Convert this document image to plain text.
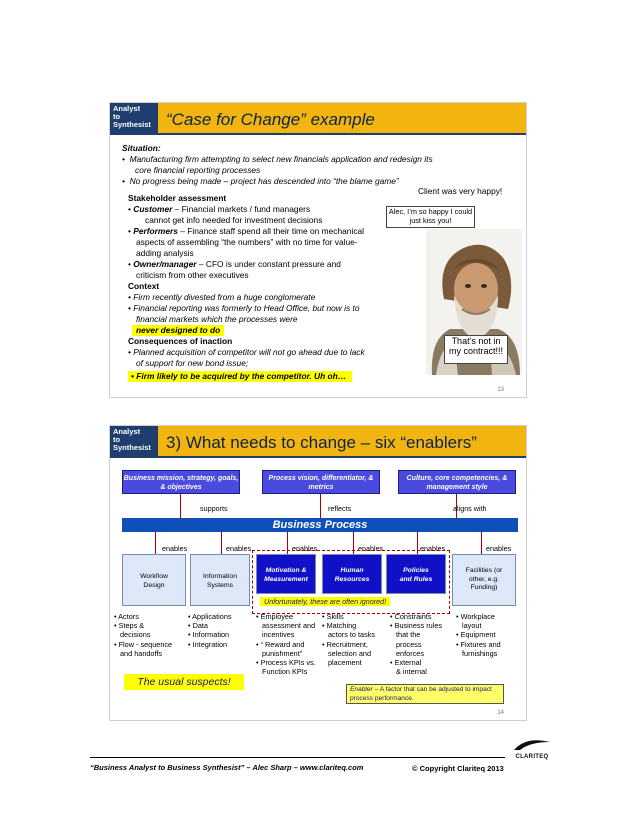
Analyst
to
Synthesist “Case for Change” example
Situation:
•  Manufacturing firm attempting to select new financials application and redesign its
core financial reporting processes
•  No progress being made – project has descended into “the blame game”
Client was very happy!
Stakeholder assessment
• Customer – Financial markets / fund managers
cannot get info needed for investment decisions
• Performers – Finance staff spend all their time on mechanical
aspects of assembling “the numbers” with no time for value-
adding analysis
• Owner/manager – CFO is under constant pressure and
criticism from other executives
Context
• Firm recently divested from a huge conglomerate
• Financial reporting was formerly to Head Office, but now is to
financial markets which the processes were
never designed to do
Consequences of inaction
• Planned acquisition of competitor will not go ahead due to lack
of support for new bond issue;
• Firm likely to be acquired by the competitor. Uh oh…
Alec, I’m so happy I could just kiss you!
That’s not in my contract!!!
13
Analyst
to
Synthesist 3) What needs to change – six “enablers”
Business mission, strategy, goals, & objectives
Process vision, differentiator, & metrics
Culture, core competencies, & management style
supports	reflects	aligns with
Business Process
enables	enables	enables	enables	enables	enables
Workflow Design
Information Systems
Motivation & Measurement
Human Resources
Policies and Rules
Facilities (or other, e.g. Funding)
Unfortunately, these are often ignored!
• Actors
• Steps &
decisions
• Flow - sequence
and handoffs
• Applications
• Data
• Information
• Integration
• Employee
assessment and
incentives
• “ Reward and
punishment”
• Process KPIs vs.
Function KPIs
• Skills
• Matching
actors to tasks
• Recruitment,
selection and
placement
• Constraints
• Business rules
that the
process
enforces
• External
& internal
• Workplace
layout
• Equipment
• Fixtures and
furnishings
The usual suspects!
Enabler – A factor that can be adjusted to impact process performance.
14
“Business Analyst to Business Synthesist” – Alec Sharp – www.clariteq.com	© Copyright Clariteq 2013
CLARITEQ
